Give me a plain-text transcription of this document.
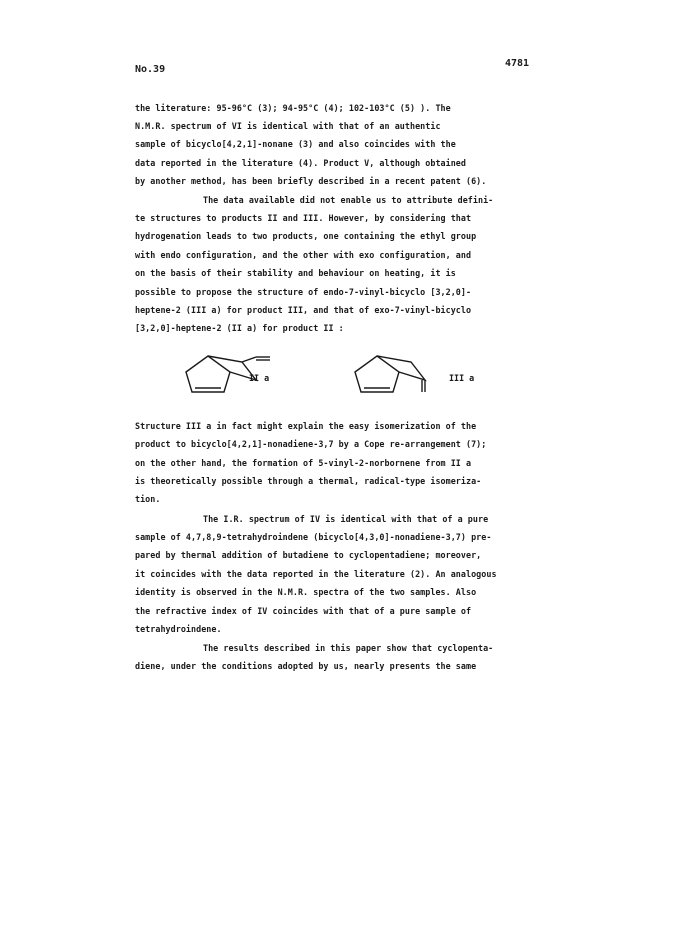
No.39
4781
the literature: 95-96°C (3); 94-95°C (4); 102-103°C (5) ). The
N.M.R. spectrum of VI is identical with that of an authentic
sample of bicyclo[4,2,1]-nonane (3) and also coincides with the
data reported in the literature (4). Product V, although obtained
by another method, has been briefly described in a recent patent (6).
The data available did not enable us to attribute defini-
te structures to products II and III. However, by considering that
hydrogenation leads to two products, one containing the ethyl group
with endo configuration, and the other with exo configuration, and
on the basis of their stability and behaviour on heating, it is
possible to propose the structure of endo-7-vinyl-bicyclo [3,2,0]-
heptene-2 (III a) for product III, and that of exo-7-vinyl-bicyclo
[3,2,0]-heptene-2 (II a) for product II :
II a	III a
Structure III a in fact might explain the easy isomerization of the
product to bicyclo[4,2,1]-nonadiene-3,7 by a Cope re-arrangement (7);
on the other hand, the formation of 5-vinyl-2-norbornene from II a
is theoretically possible through a thermal, radical-type isomeriza-
tion.
The I.R. spectrum of IV is identical with that of a pure
sample of 4,7,8,9-tetrahydroindene (bicyclo[4,3,0]-nonadiene-3,7) pre-
pared by thermal addition of butadiene to cyclopentadiene; moreover,
it coincides with the data reported in the literature (2). An analogous
identity is observed in the N.M.R. spectra of the two samples. Also
the refractive index of IV coincides with that of a pure sample of
tetrahydroindene.
The results described in this paper show that cyclopenta-
diene, under the conditions adopted by us, nearly presents the same
